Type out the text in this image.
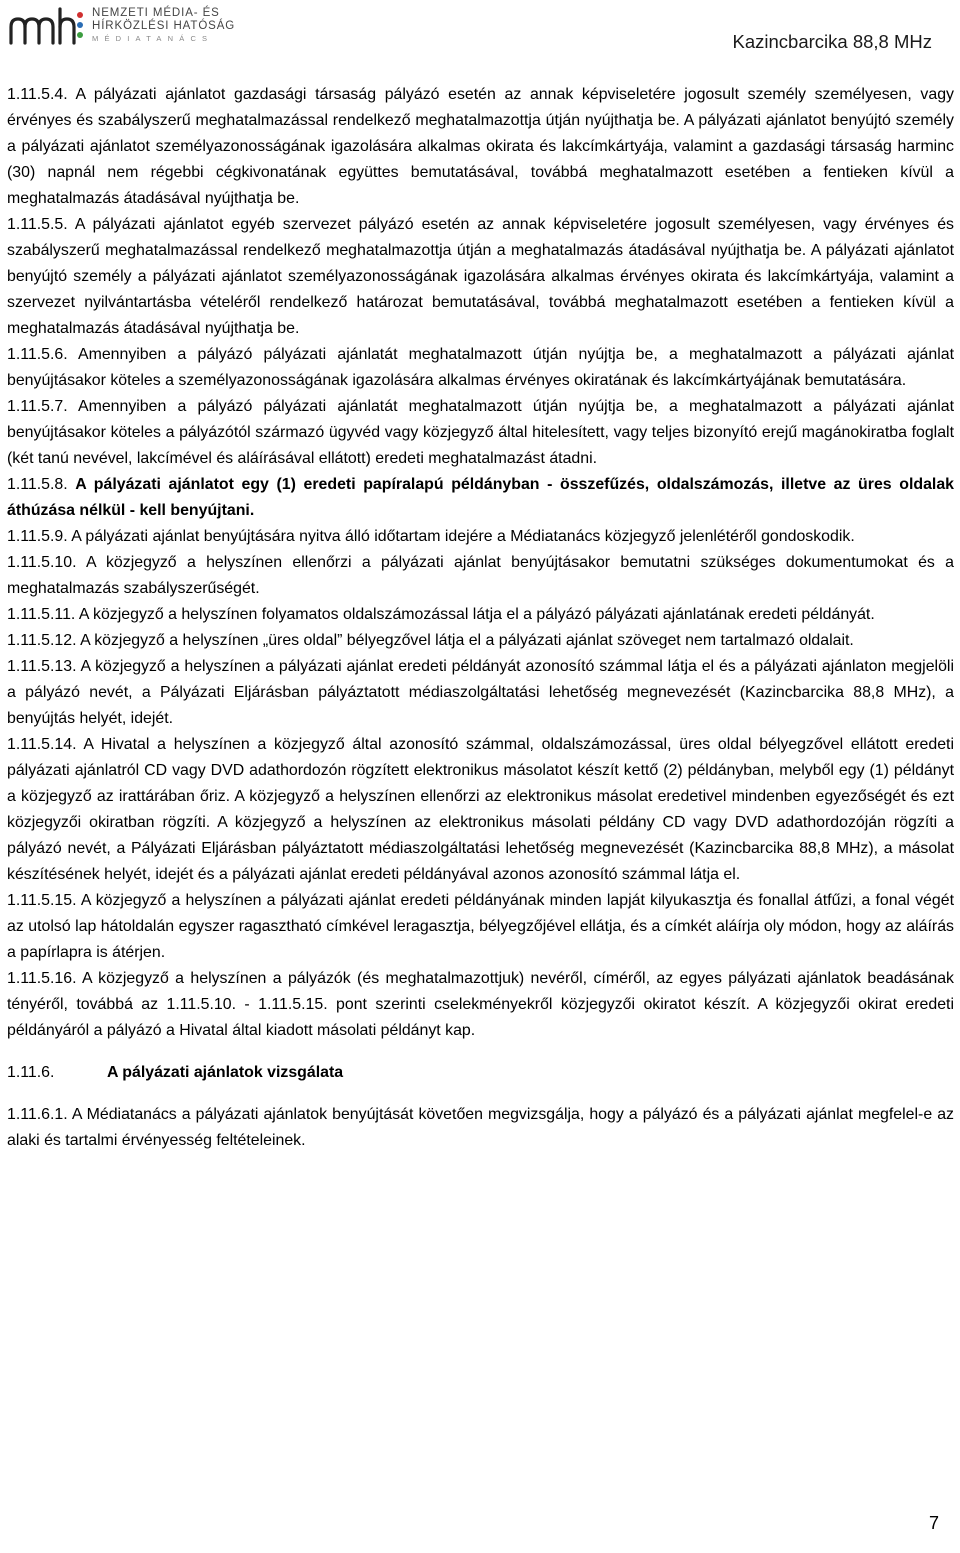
NEMZETI MÉDIA- ÉS
HÍRKÖZLÉSI HATÓSÁG
MÉDIATANÁCS	Kazincbarcika 88,8 MHz

1.11.5.4. A pályázati ajánlatot gazdasági társaság pályázó esetén az annak képviseletére jogosult személy személyesen, vagy érvényes és szabályszerű meghatalmazással rendelkező meghatalmazottja útján nyújthatja be. A pályázati ajánlatot benyújtó személy a pályázati ajánlatot személyazonosságának igazolására alkalmas okirata és lakcímkártyája, valamint a gazdasági társaság harminc (30) napnál nem régebbi cégkivonatának együttes bemutatásával, továbbá meghatalmazott esetében a fentieken kívül a meghatalmazás átadásával nyújthatja be.

1.11.5.5. A pályázati ajánlatot egyéb szervezet pályázó esetén az annak képviseletére jogosult személyesen, vagy érvényes és szabályszerű meghatalmazással rendelkező meghatalmazottja útján a meghatalmazás átadásával nyújthatja be. A pályázati ajánlatot benyújtó személy a pályázati ajánlatot személyazonosságának igazolására alkalmas érvényes okirata és lakcímkártyája, valamint a szervezet nyilvántartásba vételéről rendelkező határozat bemutatásával, továbbá meghatalmazott esetében a fentieken kívül a meghatalmazás átadásával nyújthatja be.

1.11.5.6. Amennyiben a pályázó pályázati ajánlatát meghatalmazott útján nyújtja be, a meghatalmazott a pályázati ajánlat benyújtásakor köteles a személyazonosságának igazolására alkalmas érvényes okiratának és lakcímkártyájának bemutatására.

1.11.5.7. Amennyiben a pályázó pályázati ajánlatát meghatalmazott útján nyújtja be, a meghatalmazott a pályázati ajánlat benyújtásakor köteles a pályázótól származó ügyvéd vagy közjegyző által hitelesített, vagy teljes bizonyító erejű magánokiratba foglalt (két tanú nevével, lakcímével és aláírásával ellátott) eredeti meghatalmazást átadni.

1.11.5.8. A pályázati ajánlatot egy (1) eredeti papíralapú példányban - összefűzés, oldalszámozás, illetve az üres oldalak áthúzása nélkül - kell benyújtani.

1.11.5.9. A pályázati ajánlat benyújtására nyitva álló időtartam idejére a Médiatanács közjegyző jelenlétéről gondoskodik.

1.11.5.10. A közjegyző a helyszínen ellenőrzi a pályázati ajánlat benyújtásakor bemutatni szükséges dokumentumokat és a meghatalmazás szabályszerűségét.

1.11.5.11. A közjegyző a helyszínen folyamatos oldalszámozással látja el a pályázó pályázati ajánlatának eredeti példányát.

1.11.5.12. A közjegyző a helyszínen „üres oldal” bélyegzővel látja el a pályázati ajánlat szöveget nem tartalmazó oldalait.

1.11.5.13. A közjegyző a helyszínen a pályázati ajánlat eredeti példányát azonosító számmal látja el és a pályázati ajánlaton megjelöli a pályázó nevét, a Pályázati Eljárásban pályáztatott médiaszolgáltatási lehetőség megnevezését (Kazincbarcika 88,8 MHz), a benyújtás helyét, idejét.

1.11.5.14. A Hivatal a helyszínen a közjegyző által azonosító számmal, oldalszámozással, üres oldal bélyegzővel ellátott eredeti pályázati ajánlatról CD vagy DVD adathordozón rögzített elektronikus másolatot készít kettő (2) példányban, melyből egy (1) példányt a közjegyző az irattárában őriz. A közjegyző a helyszínen ellenőrzi az elektronikus másolat eredetivel mindenben egyezőségét és ezt közjegyzői okiratban rögzíti. A közjegyző a helyszínen az elektronikus másolati példány CD vagy DVD adathordozóján rögzíti a pályázó nevét, a Pályázati Eljárásban pályáztatott médiaszolgáltatási lehetőség megnevezését (Kazincbarcika 88,8 MHz), a másolat készítésének helyét, idejét és a pályázati ajánlat eredeti példányával azonos azonosító számmal látja el.

1.11.5.15. A közjegyző a helyszínen a pályázati ajánlat eredeti példányának minden lapját kilyukasztja és fonallal átfűzi, a fonal végét az utolsó lap hátoldalán egyszer ragasztható címkével leragasztja, bélyegzőjével ellátja, és a címkét aláírja oly módon, hogy az aláírás a papírlapra is átérjen.

1.11.5.16. A közjegyző a helyszínen a pályázók (és meghatalmazottjuk) nevéről, címéről, az egyes pályázati ajánlatok beadásának tényéről, továbbá az 1.11.5.10. - 1.11.5.15. pont szerinti cselekményekről közjegyzői okiratot készít. A közjegyzői okirat eredeti példányáról a pályázó a Hivatal által kiadott másolati példányt kap.

1.11.6.	A pályázati ajánlatok vizsgálata

1.11.6.1. A Médiatanács a pályázati ajánlatok benyújtását követően megvizsgálja, hogy a pályázó és a pályázati ajánlat megfelel-e az alaki és tartalmi érvényesség feltételeinek.

7
